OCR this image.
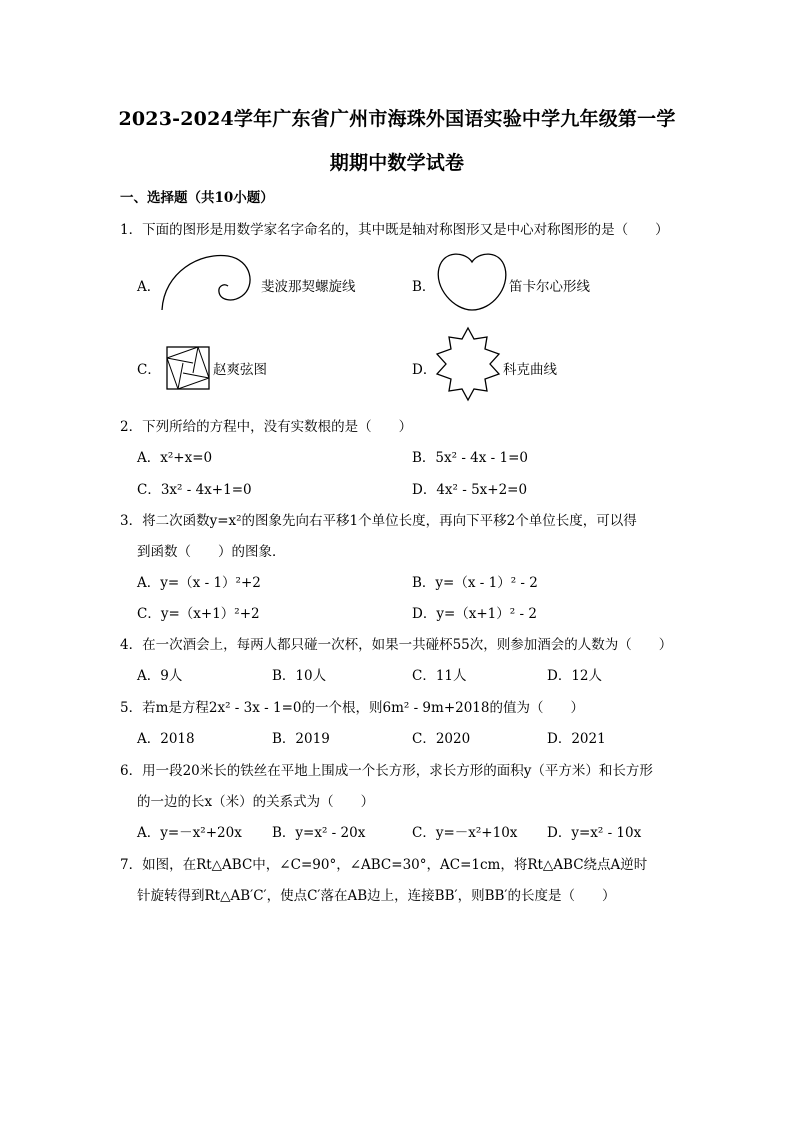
2023-2024学年广东省广州市海珠外国语实验中学九年级第一学
期期中数学试卷
一、选择题（共10小题）
1．下面的图形是用数学家名字命名的，其中既是轴对称图形又是中心对称图形的是（　　）
A．	斐波那契螺旋线	B．	笛卡尔心形线
C．	赵爽弦图	D．	科克曲线
2．下列所给的方程中，没有实数根的是（　　）
A．x²+x=0	B．5x² - 4x - 1=0
C．3x² - 4x+1=0	D．4x² - 5x+2=0
3．将二次函数y=x²的图象先向右平移1个单位长度，再向下平移2个单位长度，可以得
到函数（　　）的图象．
A．y=（x - 1）²+2	B．y=（x - 1）² - 2
C．y=（x+1）²+2	D．y=（x+1）² - 2
4．在一次酒会上，每两人都只碰一次杯，如果一共碰杯55次，则参加酒会的人数为（　　）
A．9人	B．10人	C．11人	D．12人
5．若m是方程2x² - 3x - 1=0的一个根，则6m² - 9m+2018的值为（　　）
A．2018	B．2019	C．2020	D．2021
6．用一段20米长的铁丝在平地上围成一个长方形，求长方形的面积y（平方米）和长方形
的一边的长x（米）的关系式为（　　）
A．y=－x²+20x B．y=x² - 20x	C．y=－x²+10x D．y=x² - 10x
7．如图，在Rt△ABC中，∠C=90°，∠ABC=30°，AC=1cm，将Rt△ABC绕点A逆时
针旋转得到Rt△AB′C′，使点C′落在AB边上，连接BB′，则BB′的长度是（　　）
